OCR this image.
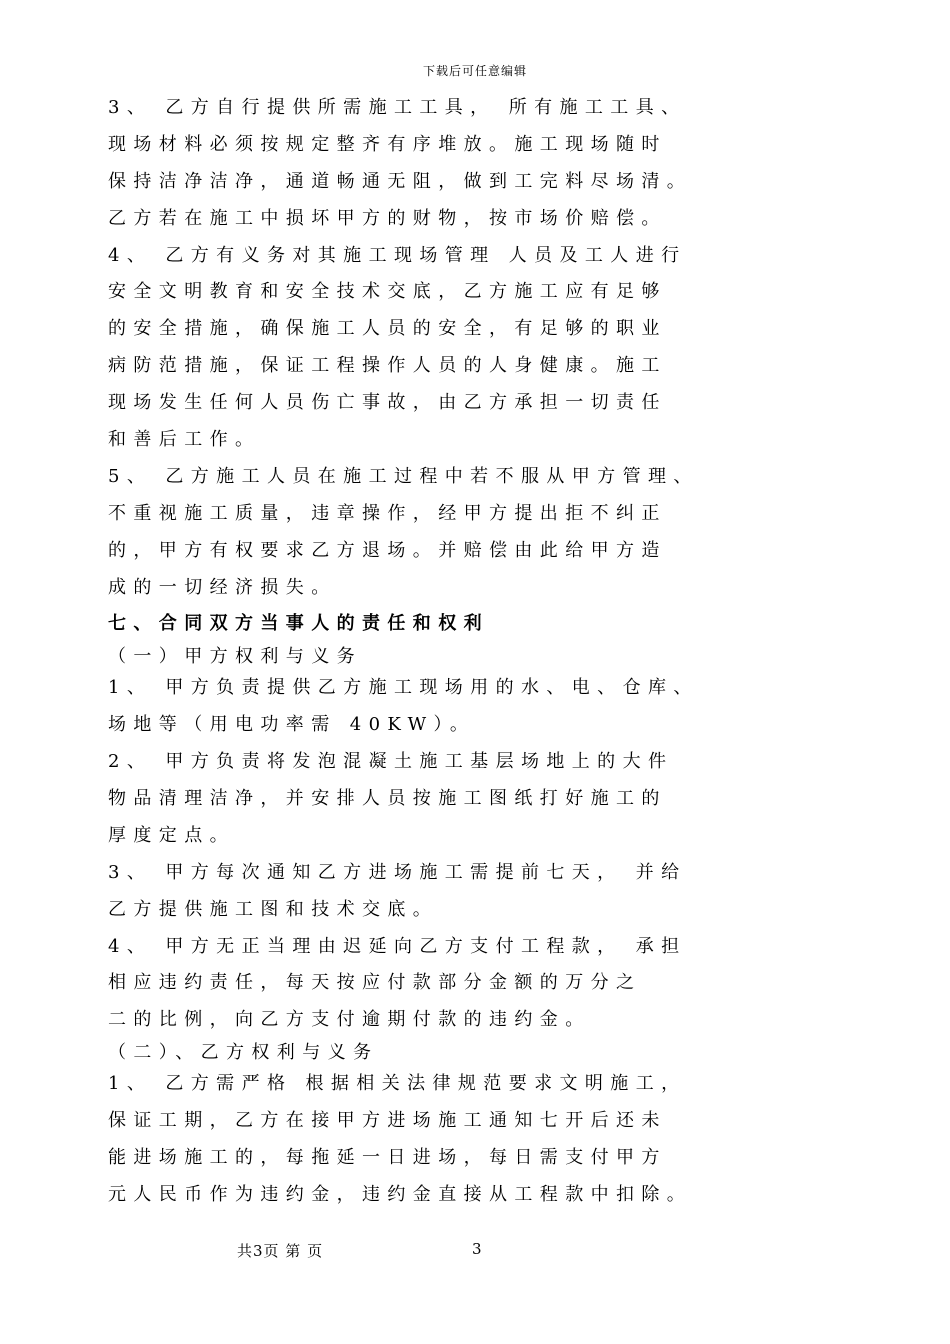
下载后可任意编辑
3、 乙方自行提供所需施工工具， 所有施工工具、
现场材料必须按规定整齐有序堆放。施工现场随时
保持洁净洁净，通道畅通无阻，做到工完料尽场清。
乙方若在施工中损坏甲方的财物，按市场价赔偿。
4、 乙方有义务对其施工现场管理 人员及工人进行
安全文明教育和安全技术交底，乙方施工应有足够
的安全措施，确保施工人员的安全，有足够的职业
病防范措施，保证工程操作人员的人身健康。施工
现场发生任何人员伤亡事故，由乙方承担一切责任
和善后工作。
5、 乙方施工人员在施工过程中若不服从甲方管理、
不重视施工质量，违章操作，经甲方提出拒不纠正
的，甲方有权要求乙方退场。并赔偿由此给甲方造
成的一切经济损失。
七、合同双方当事人的责任和权利
（一）甲方权利与义务
1、 甲方负责提供乙方施工现场用的水、电、仓库、
场地等（用电功率需 40KW）。
2、 甲方负责将发泡混凝土施工基层场地上的大件
物品清理洁净，并安排人员按施工图纸打好施工的
厚度定点。
3、 甲方每次通知乙方进场施工需提前七天， 并给
乙方提供施工图和技术交底。
4、 甲方无正当理由迟延向乙方支付工程款， 承担
相应违约责任，每天按应付款部分金额的万分之
二的比例，向乙方支付逾期付款的违约金。
（二）、乙方权利与义务
1、 乙方需严格 根据相关法律规范要求文明施工，
保证工期，乙方在接甲方进场施工通知七开后还未
能进场施工的，每拖延一日进场，每日需支付甲方
元人民币作为违约金，违约金直接从工程款中扣除。
共3页 第 页	3
